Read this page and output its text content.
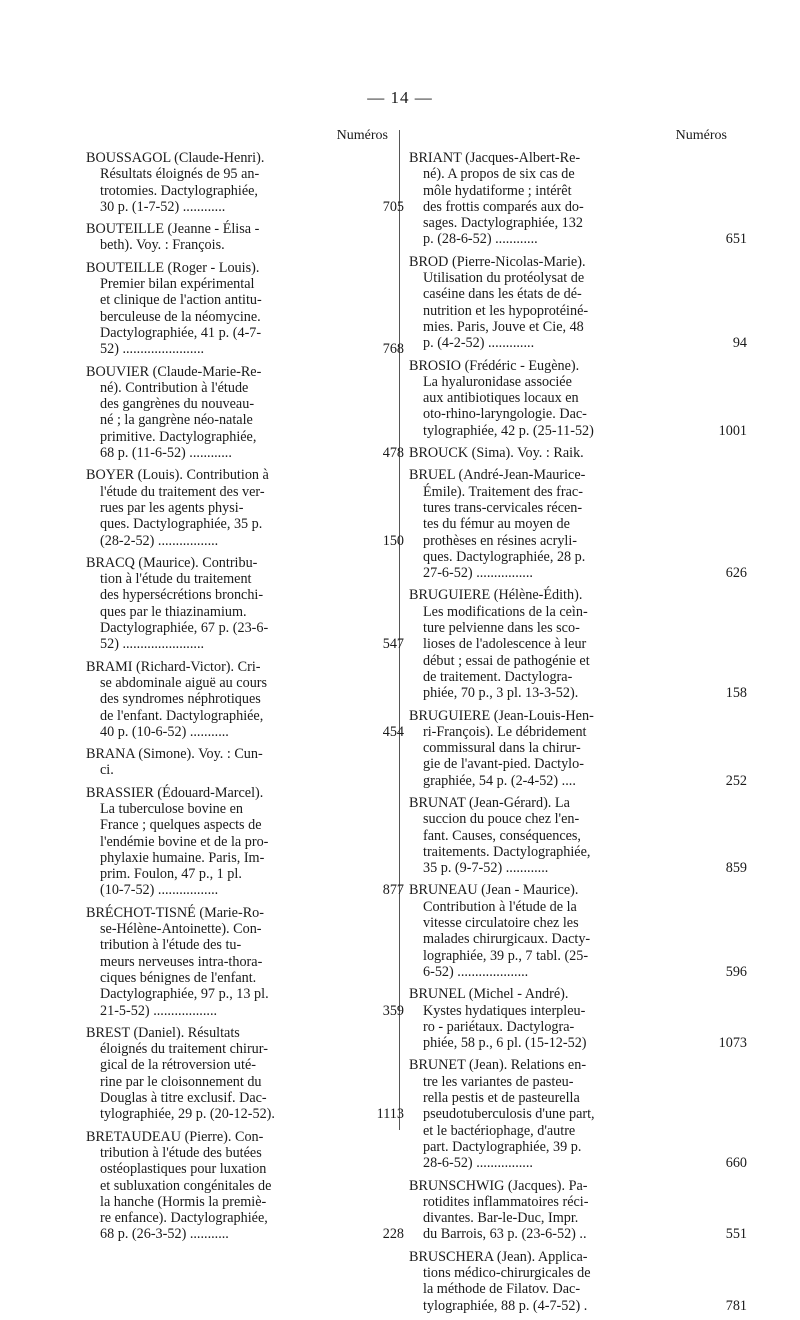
— 14 —
Numéros
BOUSSAGOL (Claude-Henri).
Résultats éloignés de 95 an-
trotomies. Dactylographiée,
30 p. (1-7-52) ............	705
BOUTEILLE (Jeanne - Élisa -
beth). Voy. : François.
BOUTEILLE (Roger - Louis).
Premier bilan expérimental
et clinique de l'action antitu-
berculeuse de la néomycine.
Dactylographiée, 41 p. (4-7-
52) .......................	768
BOUVIER (Claude-Marie-Re-
né). Contribution à l'étude
des gangrènes du nouveau-
né ; la gangrène néo-natale
primitive. Dactylographiée,
68 p. (11-6-52) ............	478
BOYER (Louis). Contribution à
l'étude du traitement des ver-
rues par les agents physi-
ques. Dactylographiée, 35 p.
(28-2-52) .................	150
BRACQ (Maurice). Contribu-
tion à l'étude du traitement
des hypersécrétions bronchi-
ques par le thiazinamium.
Dactylographiée, 67 p. (23-6-
52) .......................	547
BRAMI (Richard-Victor). Cri-
se abdominale aiguë au cours
des syndromes néphrotiques
de l'enfant. Dactylographiée,
40 p. (10-6-52) ...........	454
BRANA (Simone). Voy. : Cun-
ci.
BRASSIER (Édouard-Marcel).
La tuberculose bovine en
France ; quelques aspects de
l'endémie bovine et de la pro-
phylaxie humaine. Paris, Im-
prim. Foulon, 47 p., 1 pl.
(10-7-52) .................	877
BRÉCHOT-TISNÉ (Marie-Ro-
se-Hélène-Antoinette). Con-
tribution à l'étude des tu-
meurs nerveuses intra-thora-
ciques bénignes de l'enfant.
Dactylographiée, 97 p., 13 pl.
21-5-52) ..................	359
BREST (Daniel). Résultats
éloignés du traitement chirur-
gical de la rétroversion uté-
rine par le cloisonnement du
Douglas à titre exclusif. Dac-
tylographiée, 29 p. (20-12-52).	1113
BRETAUDEAU (Pierre). Con-
tribution à l'étude des butées
ostéoplastiques pour luxation
et subluxation congénitales de
la hanche (Hormis la premiè-
re enfance). Dactylographiée,
68 p. (26-3-52) ...........	228
Numéros
BRIANT (Jacques-Albert-Re-
né). A propos de six cas de
môle hydatiforme ; intérêt
des frottis comparés aux do-
sages. Dactylographiée, 132
p. (28-6-52) ............	651
BROD (Pierre-Nicolas-Marie).
Utilisation du protéolysat de
caséine dans les états de dé-
nutrition et les hypoprotéiné-
mies. Paris, Jouve et Cie, 48
p. (4-2-52) .............	94
BROSIO (Frédéric - Eugène).
La hyaluronidase associée
aux antibiotiques locaux en
oto-rhino-laryngologie. Dac-
tylographiée, 42 p. (25-11-52)	1001
BROUCK (Sima). Voy. : Raik.
BRUEL (André-Jean-Maurice-
Émile). Traitement des frac-
tures trans-cervicales récen-
tes du fémur au moyen de
prothèses en résines acryli-
ques. Dactylographiée, 28 p.
27-6-52) ................	626
BRUGUIERE (Hélène-Édith).
Les modifications de la ceìn-
ture pelvienne dans les sco-
lioses de l'adolescence à leur
début ; essai de pathogénie et
de traitement. Dactylogra-
phiée, 70 p., 3 pl. 13-3-52).	158
BRUGUIERE (Jean-Louis-Hen-
ri-François). Le débridement
commissural dans la chirur-
gie de l'avant-pied. Dactylo-
graphiée, 54 p. (2-4-52) ....	252
BRUNAT (Jean-Gérard). La
succion du pouce chez l'en-
fant. Causes, conséquences,
traitements. Dactylographiée,
35 p. (9-7-52) ............	859
BRUNEAU (Jean - Maurice).
Contribution à l'étude de la
vitesse circulatoire chez les
malades chirurgicaux. Dacty-
lographiée, 39 p., 7 tabl. (25-
6-52) ....................	596
BRUNEL (Michel - André).
Kystes hydatiques interpleu-
ro - pariétaux. Dactylogra-
phiée, 58 p., 6 pl. (15-12-52)	1073
BRUNET (Jean). Relations en-
tre les variantes de pasteu-
rella pestis et de pasteurella
pseudotuberculosis d'une part,
et le bactériophage, d'autre
part. Dactylographiée, 39 p.
28-6-52) ................	660
BRUNSCHWIG (Jacques). Pa-
rotidites inflammatoires réci-
divantes. Bar-le-Duc, Impr.
du Barrois, 63 p. (23-6-52) ..	551
BRUSCHERA (Jean). Applica-
tions médico-chirurgicales de
la méthode de Filatov. Dac-
tylographiée, 88 p. (4-7-52) .	781
